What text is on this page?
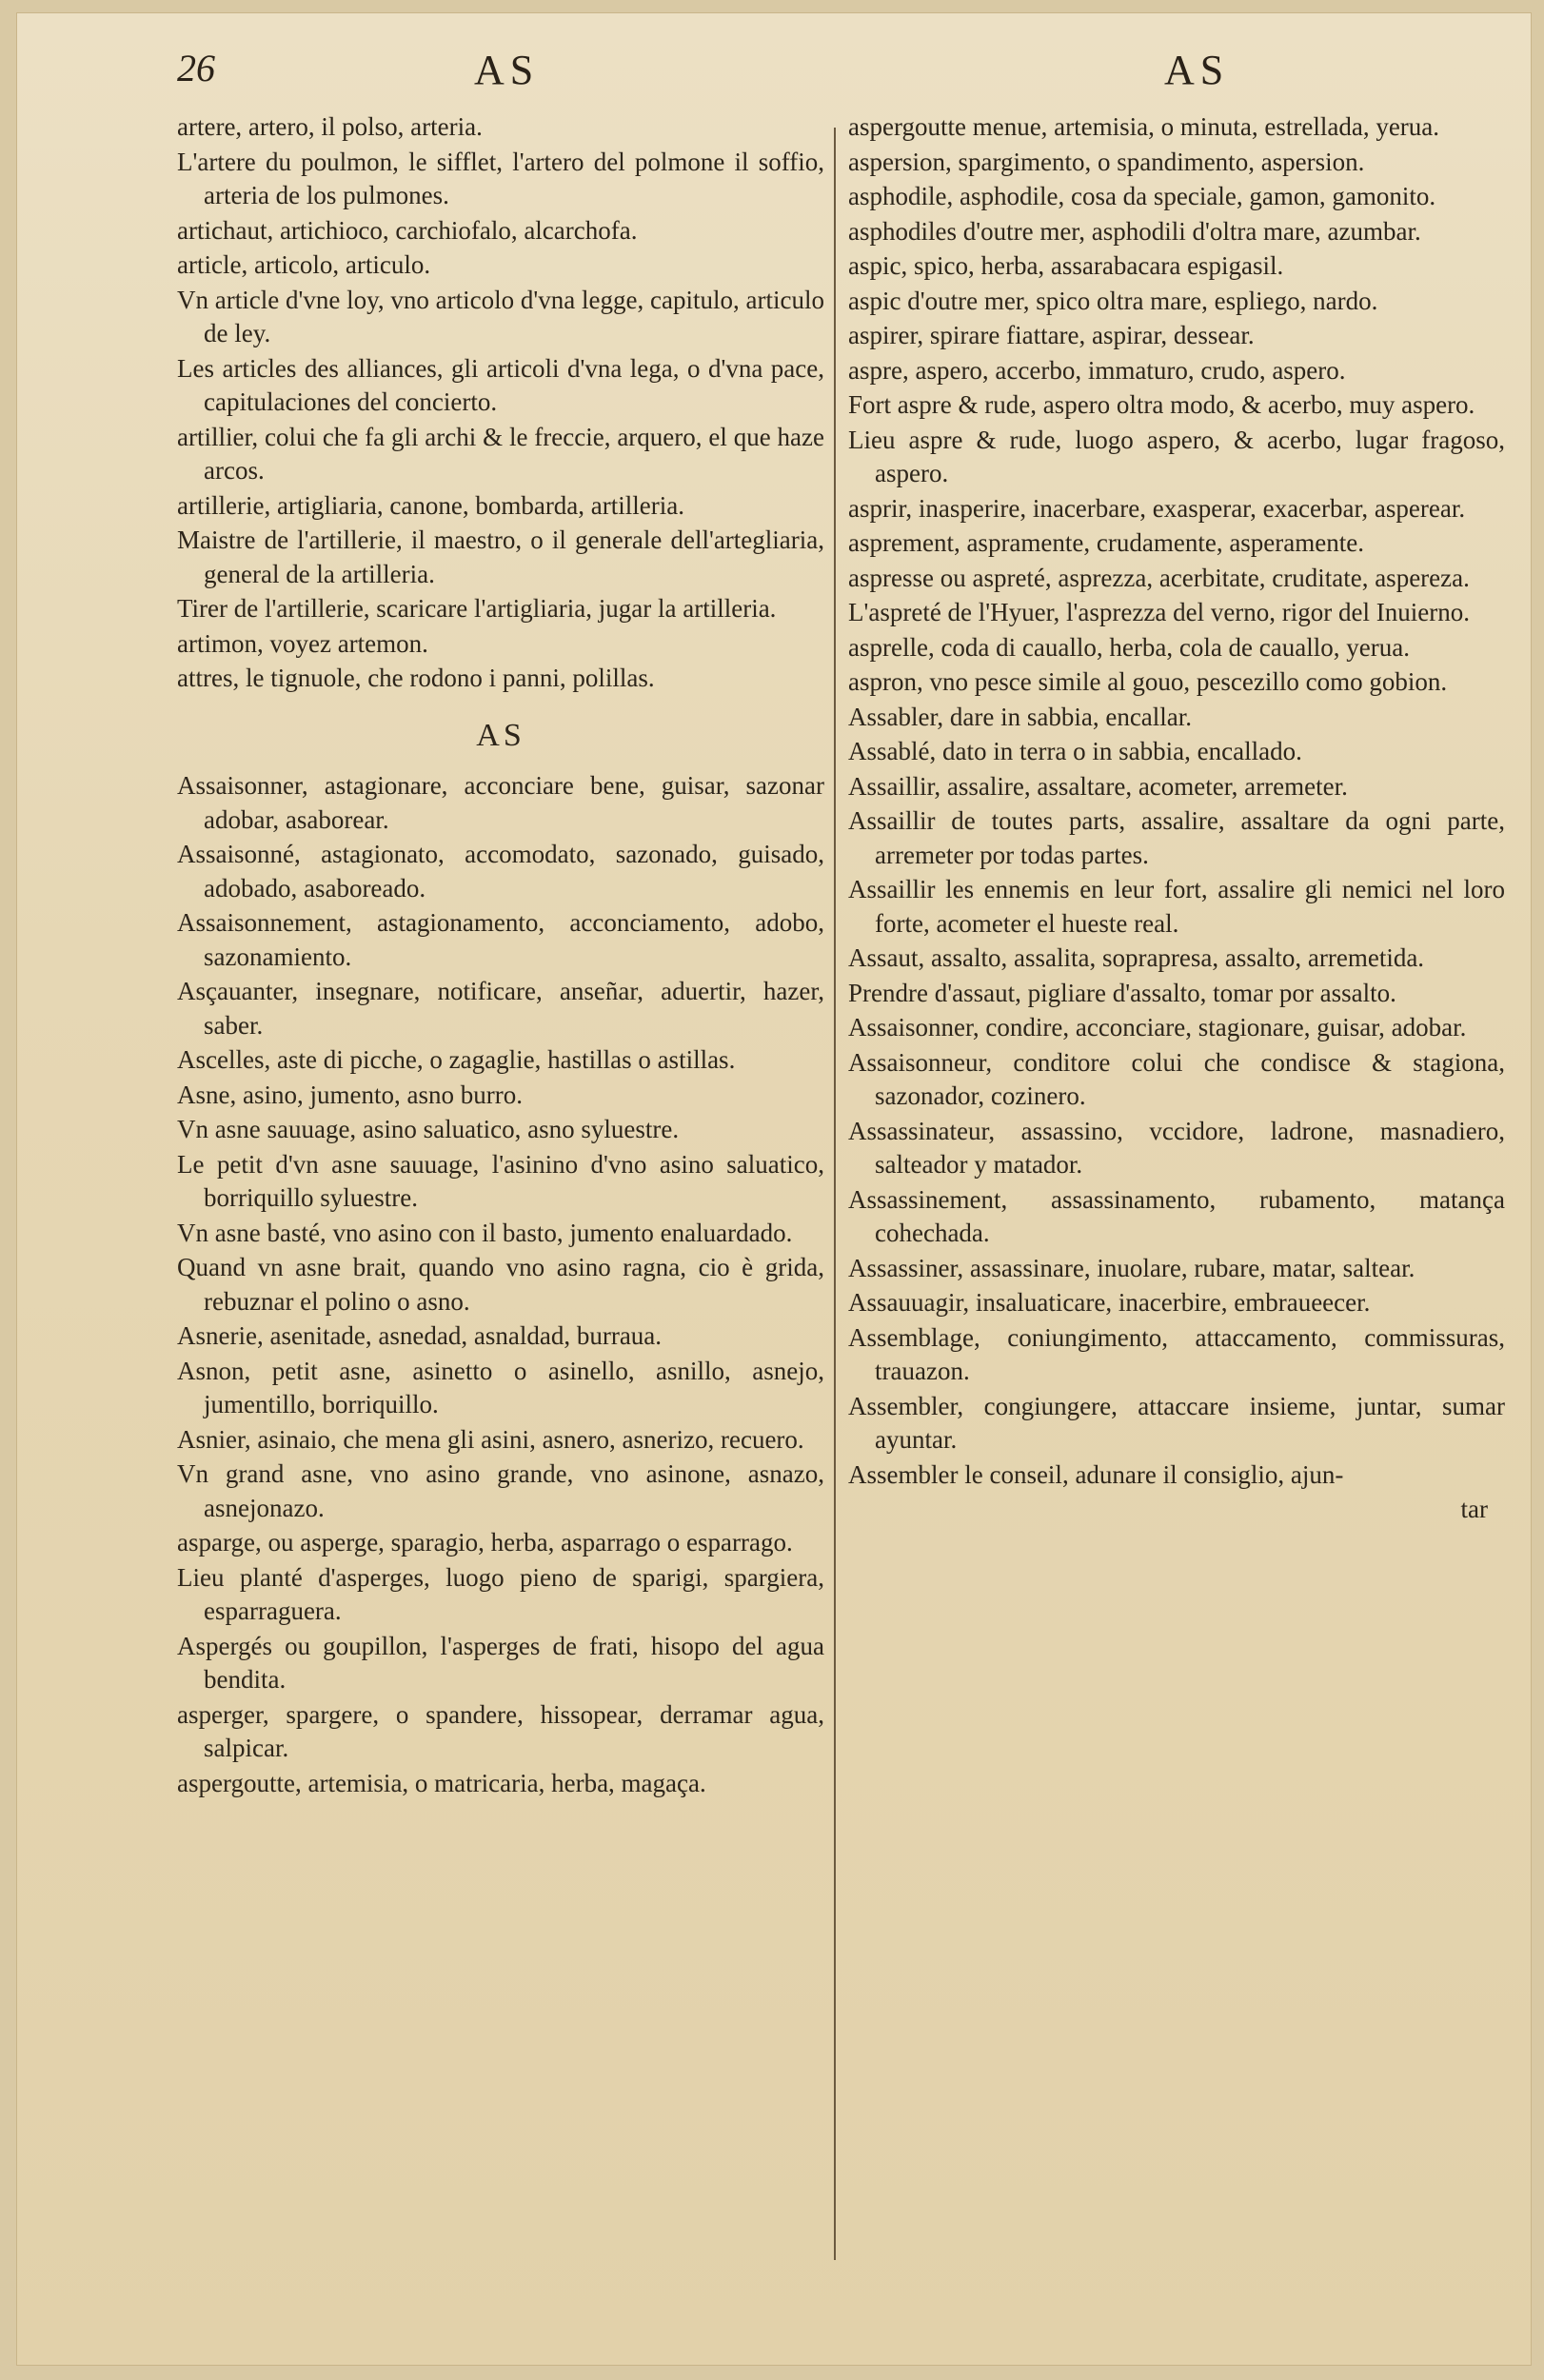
26	AS	AS
artere, artero, il polso, arteria.
L'artere du poulmon, le sifflet, l'artero del polmone il soffio, arteria de los pulmones.
artichaut, artichioco, carchiofalo, alcarchofa.
article, articolo, articulo.
Vn article d'vne loy, vno articolo d'vna legge, capitulo, articulo de ley.
Les articles des alliances, gli articoli d'vna lega, o d'vna pace, capitulaciones del concierto.
artillier, colui che fa gli archi & le freccie, arquero, el que haze arcos.
artillerie, artigliaria, canone, bombarda, artilleria.
Maistre de l'artillerie, il maestro, o il generale dell'artegliaria, general de la artilleria.
Tirer de l'artillerie, scaricare l'artigliaria, jugar la artilleria.
artimon, voyez artemon.
attres, le tignuole, che rodono i panni, polillas.
AS
Assaisonner, astagionare, acconciare bene, guisar, sazonar adobar, asaborear.
Assaisonné, astagionato, accomodato, sazonado, guisado, adobado, asaboreado.
Assaisonnement, astagionamento, acconciamento, adobo, sazonamiento.
Asçauanter, insegnare, notificare, anseñar, aduertir, hazer, saber.
Ascelles, aste di picche, o zagaglie, hastillas o astillas.
Asne, asino, jumento, asno burro.
Vn asne sauuage, asino saluatico, asno syluestre.
Le petit d'vn asne sauuage, l'asinino d'vno asino saluatico, borriquillo syluestre.
Vn asne basté, vno asino con il basto, jumento enaluardado.
Quand vn asne brait, quando vno asino ragna, cio è grida, rebuznar el polino o asno.
Asnerie, asenitade, asnedad, asnaldad, burraua.
Asnon, petit asne, asinetto o asinello, asnillo, asnejo, jumentillo, borriquillo.
Asnier, asinaio, che mena gli asini, asnero, asnerizo, recuero.
Vn grand asne, vno asino grande, vno asinone, asnazo, asnejonazo.
asparge, ou asperge, sparagio, herba, asparrago o esparrago.
Lieu planté d'asperges, luogo pieno de sparigi, spargiera, esparraguera.
Aspergés ou goupillon, l'asperges de frati, hisopo del agua bendita.
asperger, spargere, o spandere, hissopear, derramar agua, salpicar.
aspergoutte, artemisia, o matricaria, herba, magaça.
aspergoutte menue, artemisia, o minuta, estrellada, yerua.
aspersion, spargimento, o spandimento, aspersion.
asphodile, asphodile, cosa da speciale, gamon, gamonito.
asphodiles d'outre mer, asphodili d'oltra mare, azumbar.
aspic, spico, herba, assarabacara espigasil.
aspic d'outre mer, spico oltra mare, espliego, nardo.
aspirer, spirare fiattare, aspirar, dessear.
aspre, aspero, accerbo, immaturo, crudo, aspero.
Fort aspre & rude, aspero oltra modo, & acerbo, muy aspero.
Lieu aspre & rude, luogo aspero, & acerbo, lugar fragoso, aspero.
asprir, inasperire, inacerbare, exasperar, exacerbar, asperear.
asprement, aspramente, crudamente, asperamente.
aspresse ou aspreté, asprezza, acerbitate, cruditate, aspereza.
L'aspreté de l'Hyuer, l'asprezza del verno, rigor del Inuierno.
asprelle, coda di cauallo, herba, cola de cauallo, yerua.
aspron, vno pesce simile al gouo, pescezillo como gobion.
Assabler, dare in sabbia, encallar.
Assablé, dato in terra o in sabbia, encallado.
Assaillir, assalire, assaltare, acometer, arremeter.
Assaillir de toutes parts, assalire, assaltare da ogni parte, arremeter por todas partes.
Assaillir les ennemis en leur fort, assalire gli nemici nel loro forte, acometer el hueste real.
Assaut, assalto, assalita, soprapresa, assalto, arremetida.
Prendre d'assaut, pigliare d'assalto, tomar por assalto.
Assaisonner, condire, acconciare, stagionare, guisar, adobar.
Assaisonneur, conditore colui che condisce & stagiona, sazonador, cozinero.
Assassinateur, assassino, vccidore, ladrone, masnadiero, salteador y matador.
Assassinement, assassinamento, rubamento, matança cohechada.
Assassiner, assassinare, inuolare, rubare, matar, saltear.
Assauuagir, insaluaticare, inacerbire, embraueecer.
Assemblage, coniungimento, attaccamento, commissuras, trauazon.
Assembler, congiungere, attaccare insieme, juntar, sumar ayuntar.
Assembler le conseil, adunare il consiglio, ajun-
tar
